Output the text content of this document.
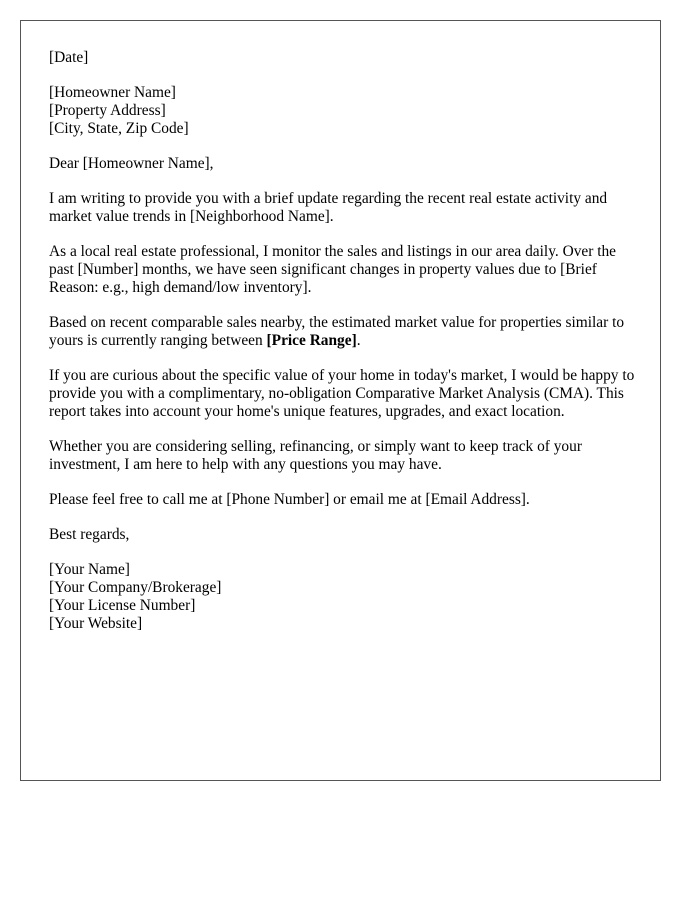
[Date]

[Homeowner Name]
[Property Address]
[City, State, Zip Code]

Dear [Homeowner Name],

I am writing to provide you with a brief update regarding the recent real estate activity and market value trends in [Neighborhood Name].

As a local real estate professional, I monitor the sales and listings in our area daily. Over the past [Number] months, we have seen significant changes in property values due to [Brief Reason: e.g., high demand/low inventory].

Based on recent comparable sales nearby, the estimated market value for properties similar to yours is currently ranging between [Price Range].

If you are curious about the specific value of your home in today's market, I would be happy to provide you with a complimentary, no-obligation Comparative Market Analysis (CMA). This report takes into account your home's unique features, upgrades, and exact location.

Whether you are considering selling, refinancing, or simply want to keep track of your investment, I am here to help with any questions you may have.

Please feel free to call me at [Phone Number] or email me at [Email Address].

Best regards,

[Your Name]
[Your Company/Brokerage]
[Your License Number]
[Your Website]
